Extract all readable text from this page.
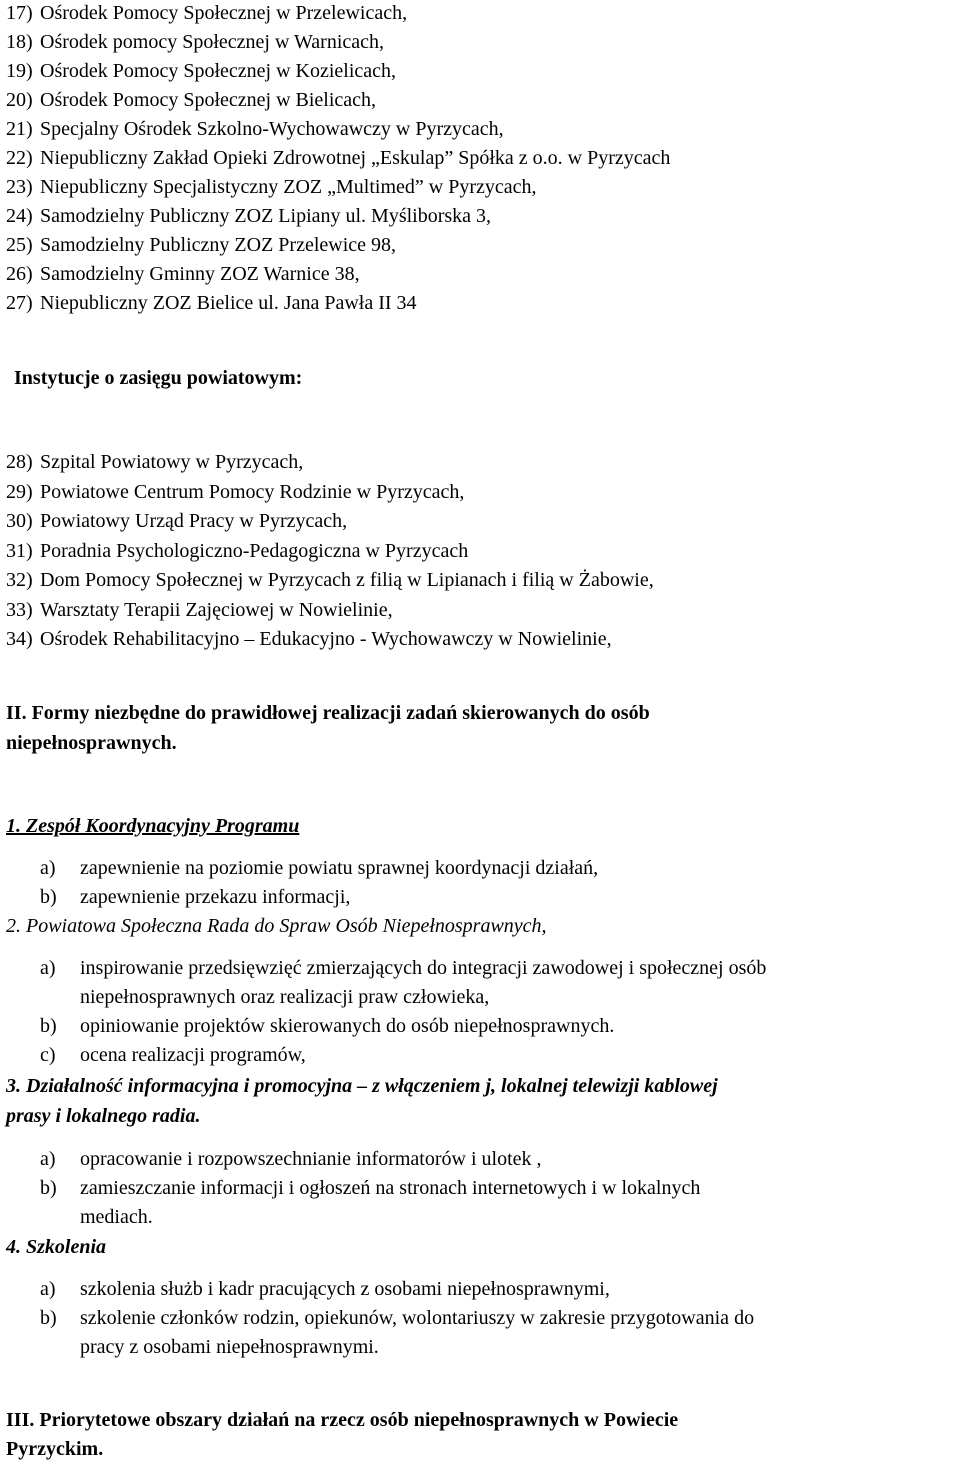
17) Ośrodek Pomocy Społecznej w Przelewicach,
18) Ośrodek pomocy Społecznej w Warnicach,
19) Ośrodek Pomocy Społecznej w Kozielicach,
20) Ośrodek Pomocy Społecznej w Bielicach,
21) Specjalny Ośrodek Szkolno-Wychowawczy w Pyrzycach,
22) Niepubliczny Zakład Opieki Zdrowotnej „Eskulap” Spółka z o.o. w Pyrzycach
23) Niepubliczny Specjalistyczny ZOZ „Multimed” w Pyrzycach,
24) Samodzielny Publiczny ZOZ Lipiany ul. Myśliborska 3,
25) Samodzielny Publiczny ZOZ Przelewice 98,
26) Samodzielny Gminny ZOZ Warnice 38,
27) Niepubliczny ZOZ Bielice ul. Jana Pawła II 34
Instytucje o zasięgu powiatowym:
28) Szpital Powiatowy w Pyrzycach,
29) Powiatowe Centrum Pomocy Rodzinie w Pyrzycach,
30) Powiatowy Urząd Pracy w Pyrzycach,
31) Poradnia Psychologiczno-Pedagogiczna w Pyrzycach
32) Dom Pomocy Społecznej w Pyrzycach z filią w Lipianach i filią w Żabowie,
33) Warsztaty Terapii Zajęciowej w Nowielinie,
34) Ośrodek Rehabilitacyjno – Edukacyjno - Wychowawczy w Nowielinie,
II. Formy niezbędne do prawidłowej realizacji zadań skierowanych do osób
niepełnosprawnych.
1. Zespół Koordynacyjny Programu
a) zapewnienie na poziomie powiatu sprawnej koordynacji działań,
b) zapewnienie przekazu informacji,
2. Powiatowa Społeczna Rada do Spraw Osób Niepełnosprawnych,
a) inspirowanie przedsięwzięć zmierzających do integracji zawodowej i społecznej osób
niepełnosprawnych oraz realizacji praw człowieka,
b) opiniowanie projektów skierowanych do osób niepełnosprawnych.
c) ocena realizacji programów,
3. Działalność informacyjna i promocyjna – z włączeniem j, lokalnej telewizji kablowej
prasy i lokalnego radia.
a) opracowanie i rozpowszechnianie informatorów i ulotek ,
b) zamieszczanie informacji i ogłoszeń na stronach internetowych i w lokalnych
mediach.
4. Szkolenia
a) szkolenia służb i kadr pracujących z osobami niepełnosprawnymi,
b) szkolenie członków rodzin, opiekunów, wolontariuszy w zakresie przygotowania do
pracy z osobami niepełnosprawnymi.
III. Priorytetowe obszary działań na rzecz osób niepełnosprawnych w Powiecie
Pyrzyckim.
